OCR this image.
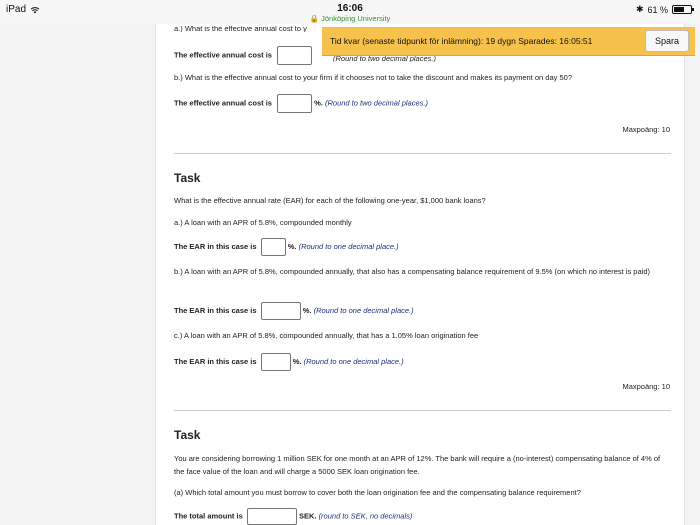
iPad	16:06
🔒 Jönköping University
✱ 61 %
a.) What is the effective annual cost to y
The effective annual cost is	(Round to two decimal places.)
b.) What is the effective annual cost to your firm if it chooses not to take the discount and makes its payment on day 50?
The effective annual cost is	%. (Round to two decimal places.)
Maxpoäng: 10
Task
What is the effective annual rate (EAR) for each of the following one-year, $1,000 bank loans?
a.) A loan with an APR of 5.8%, compounded monthly
The EAR in this case is	%. (Round to one decimal place.)
b.) A loan with an APR of 5.8%, compounded annually, that also has a compensating balance requirement of 9.5% (on which no interest is paid)
The EAR in this case is	%. (Round to one decimal place.)
c.) A loan with an APR of 5.8%, compounded annually, that has a 1.05% loan origination fee
The EAR in this case is	%. (Round to one decimal place.)
Maxpoäng: 10
Task
You are considering borrowing 1 million SEK for one month at an APR of 12%. The bank will require a (no-interest) compensating balance of 4% of the face value of the loan and will charge a 5000 SEK loan origination fee.
(a) Which total amount you must borrow to cover both the loan origination fee and the compensating balance requirement?
The total amount is	SEK. (round to SEK, no decimals)
Tid kvar (senaste tidpunkt för inlämning): 19 dygn Sparades: 16:05:51	Spara
